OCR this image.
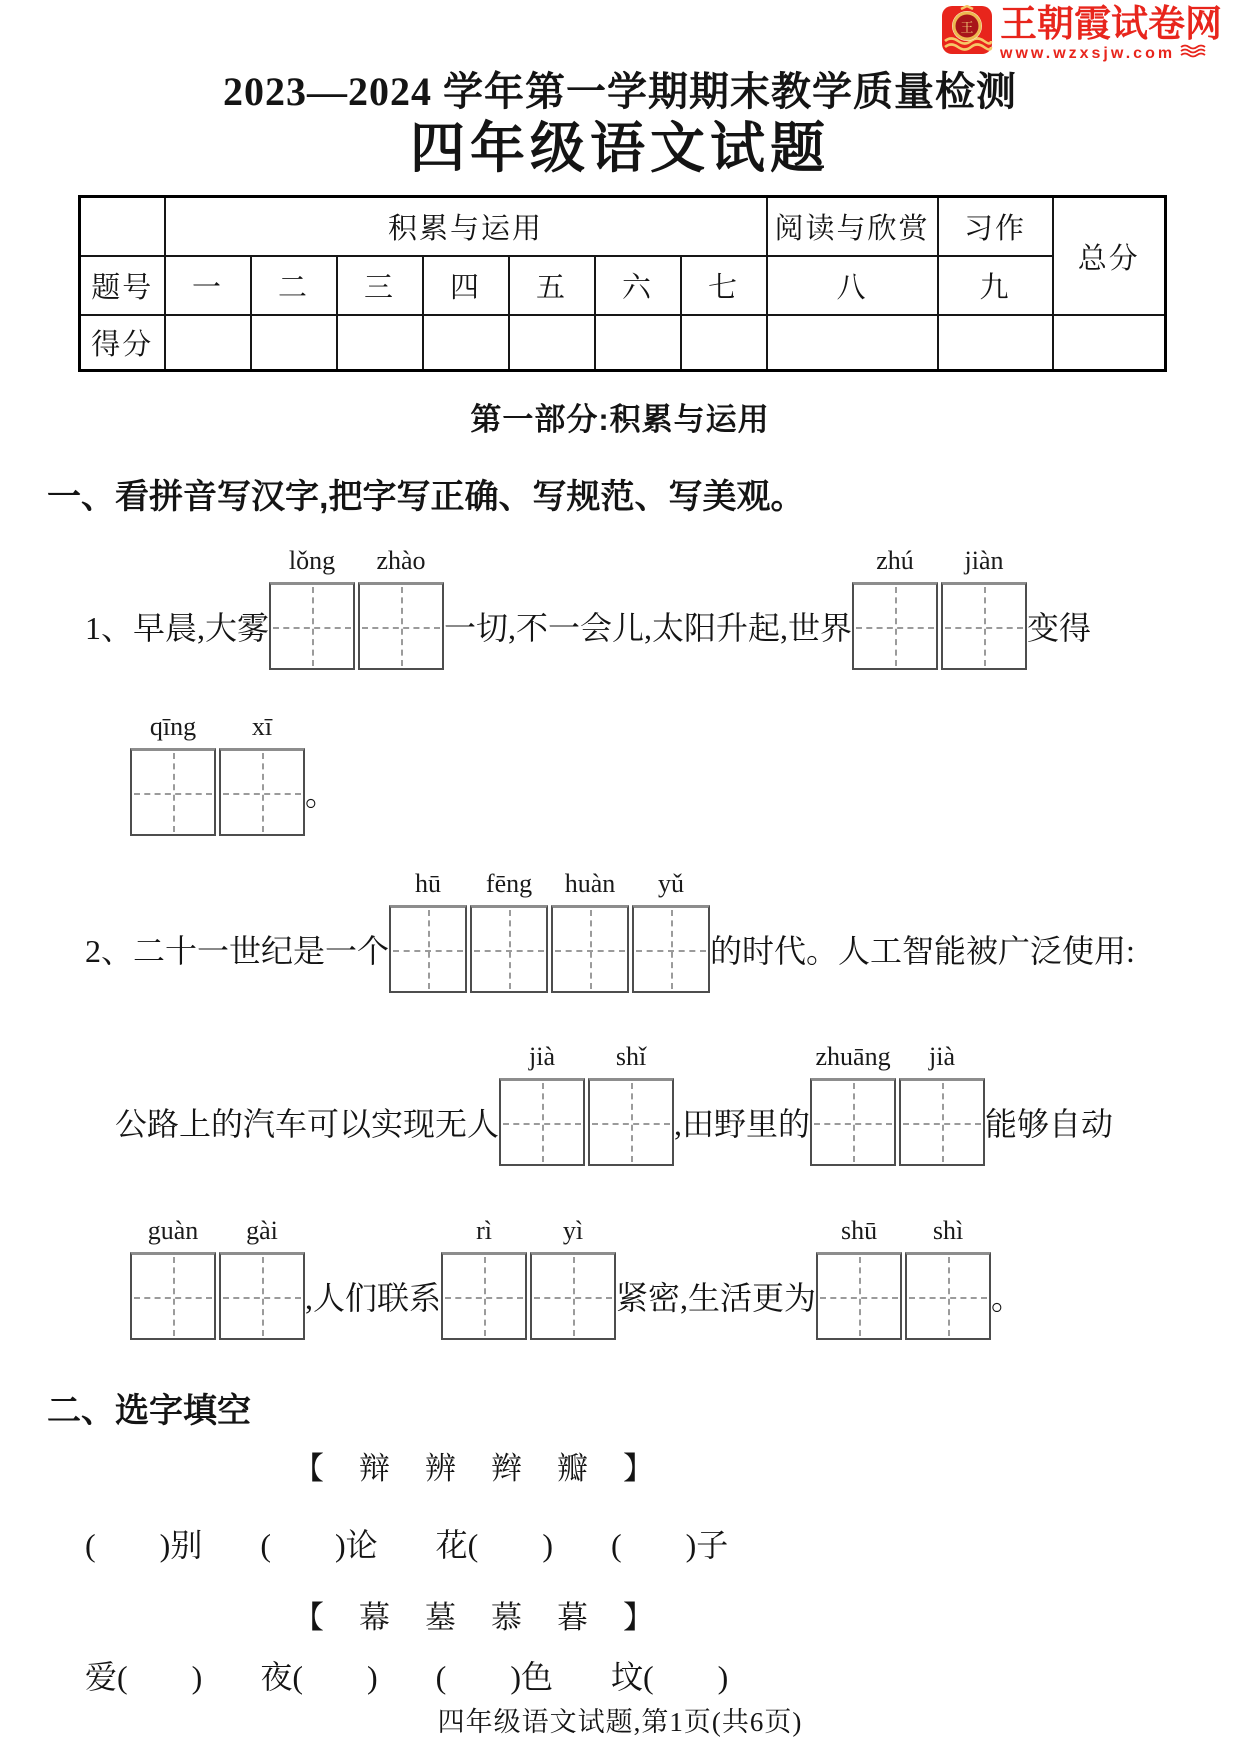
王 王朝霞试卷网
www.wzxsjw.com
2023—2024 学年第一学期期末教学质量检测
四年级语文试题
	积累与运用							阅读与欣赏	习作	总分
题号	一	二	三	四	五	六	七	八	九	
得分										
第一部分:积累与运用
一、看拼音写汉字,把字写正确、写规范、写美观。
1、早晨,大雾
lǒng	zhào
一切,不一会儿,太阳升起,世界
zhú	jiàn
变得
qīng	xī
。
2、二十一世纪是一个
hū	fēng	huàn	yǔ
的时代。人工智能被广泛使用:
公路上的汽车可以实现无人
jià	shǐ
,田野里的
zhuāng	jià
能够自动
guàn	gài
,人们联系
rì	yì
紧密,生活更为
shū	shì
。
二、选字填空
【　辩　辨　辫　瓣　】
(　　)别 (　　)论 花(　　) (　　)子
【　幕　墓　慕　暮　】
爱(　　) 夜(　　) (　　)色 坟(　　)
四年级语文试题,第1页(共6页)
